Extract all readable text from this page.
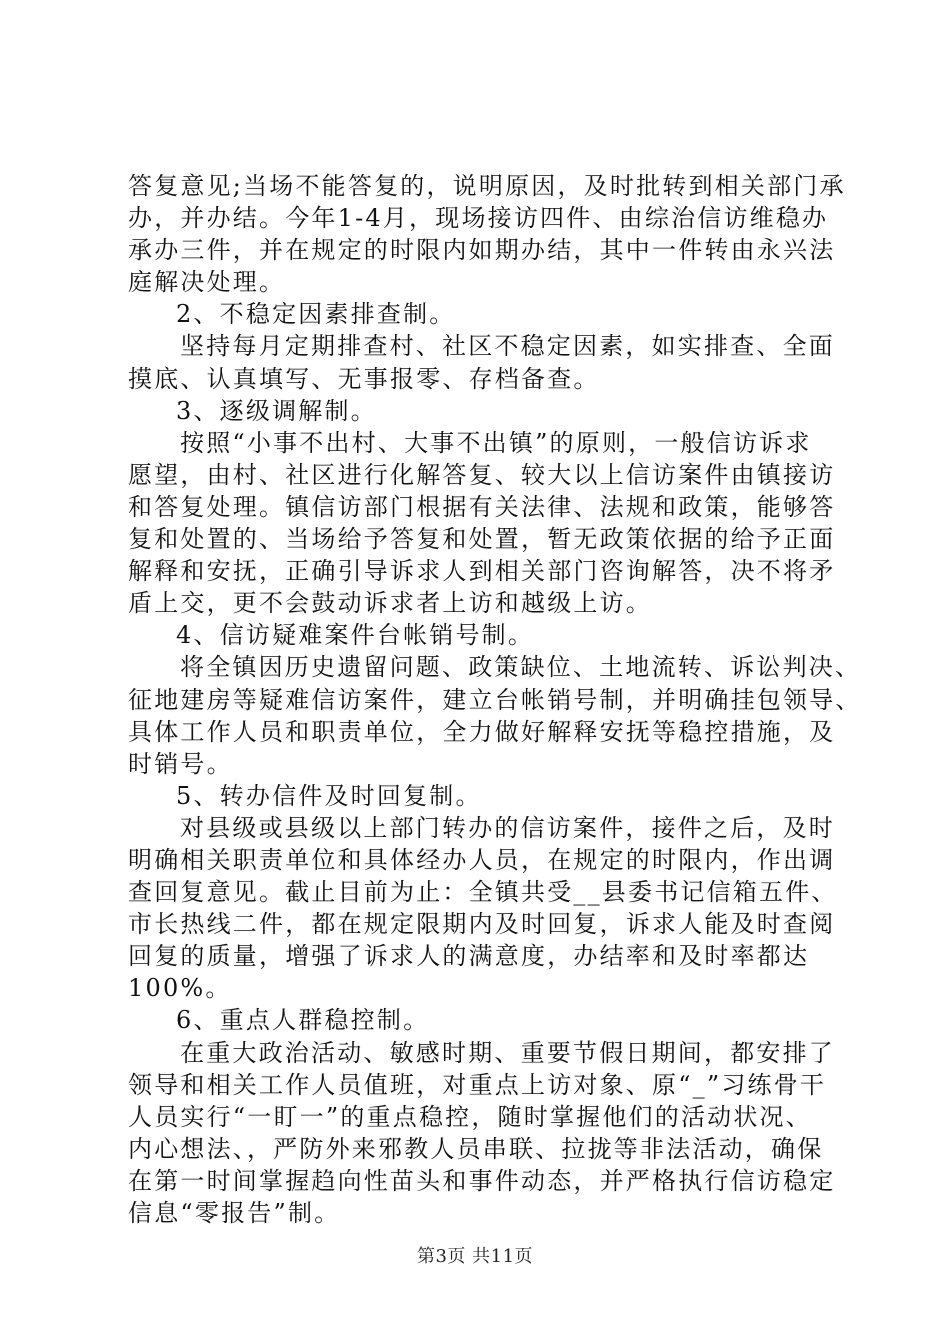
答复意见;当场不能答复的，说明原因，及时批转到相关部门承
办，并办结。今年1-4月，现场接访四件、由综治信访维稳办
承办三件，并在规定的时限内如期办结，其中一件转由永兴法
庭解决处理。
2、不稳定因素排查制。
坚持每月定期排查村、社区不稳定因素，如实排查、全面
摸底、认真填写、无事报零、存档备查。
3、逐级调解制。
按照“小事不出村、大事不出镇”的原则，一般信访诉求
愿望，由村、社区进行化解答复、较大以上信访案件由镇接访
和答复处理。镇信访部门根据有关法律、法规和政策，能够答
复和处置的、当场给予答复和处置，暂无政策依据的给予正面
解释和安抚，正确引导诉求人到相关部门咨询解答，决不将矛
盾上交，更不会鼓动诉求者上访和越级上访。
4、信访疑难案件台帐销号制。
将全镇因历史遗留问题、政策缺位、土地流转、诉讼判决、
征地建房等疑难信访案件，建立台帐销号制，并明确挂包领导、
具体工作人员和职责单位，全力做好解释安抚等稳控措施，及
时销号。
5、转办信件及时回复制。
对县级或县级以上部门转办的信访案件，接件之后，及时
明确相关职责单位和具体经办人员，在规定的时限内，作出调
查回复意见。截止目前为止：全镇共受__县委书记信箱五件、
市长热线二件，都在规定限期内及时回复，诉求人能及时查阅
回复的质量，增强了诉求人的满意度，办结率和及时率都达
100%。
6、重点人群稳控制。
在重大政治活动、敏感时期、重要节假日期间，都安排了
领导和相关工作人员值班，对重点上访对象、原“_”习练骨干
人员实行“一盯一”的重点稳控，随时掌握他们的活动状况、
内心想法、，严防外来邪教人员串联、拉拢等非法活动，确保
在第一时间掌握趋向性苗头和事件动态，并严格执行信访稳定
信息“零报告”制。
第3页 共11页
